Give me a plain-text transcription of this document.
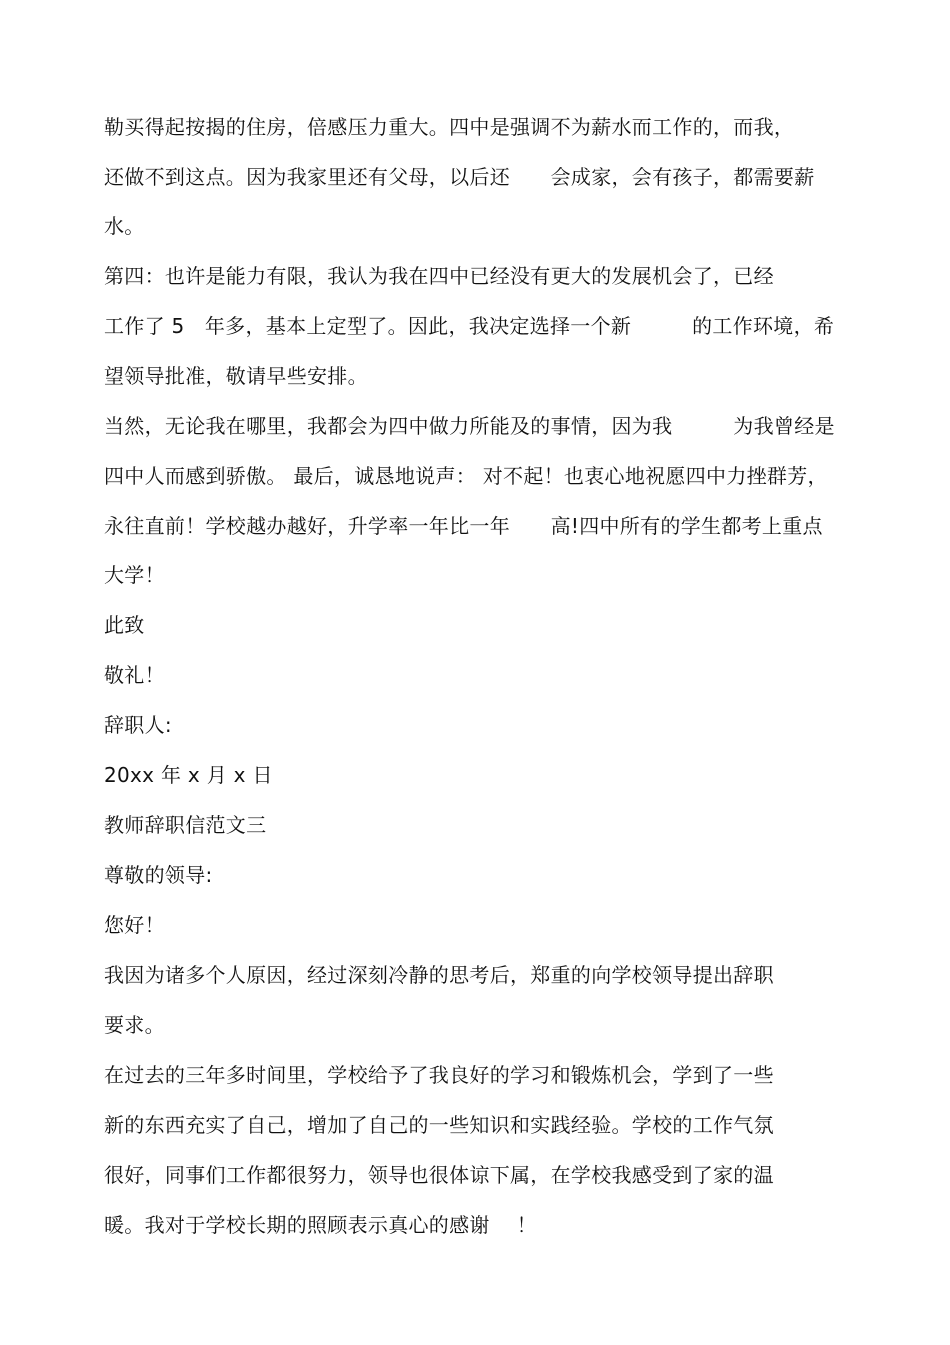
勒买得起按揭的住房，倍感压力重大。四中是强调不为薪水而工作的，而我，
还做不到这点。因为我家里还有父母，以后还　　会成家，会有孩子，都需要薪
水。
第四：也许是能力有限，我认为我在四中已经没有更大的发展机会了，已经
工作了 5　年多，基本上定型了。因此，我决定选择一个新　　　的工作环境，希
望领导批准，敬请早些安排。
当然，无论我在哪里，我都会为四中做力所能及的事情，因为我　　　为我曾经是
四中人而感到骄傲。 最后，诚恳地说声： 对不起！也衷心地祝愿四中力挫群芳，
永往直前！学校越办越好，升学率一年比一年　　高!四中所有的学生都考上重点
大学！
此致
敬礼！
辞职人:
20xx 年 x 月 x 日
教师辞职信范文三
尊敬的领导:
您好！
我因为诸多个人原因，经过深刻冷静的思考后，郑重的向学校领导提出辞职
要求。
在过去的三年多时间里，学校给予了我良好的学习和锻炼机会，学到了一些
新的东西充实了自己，增加了自己的一些知识和实践经验。学校的工作气氛
很好，同事们工作都很努力，领导也很体谅下属，在学校我感受到了家的温
暖。我对于学校长期的照顾表示真心的感谢　 ！
